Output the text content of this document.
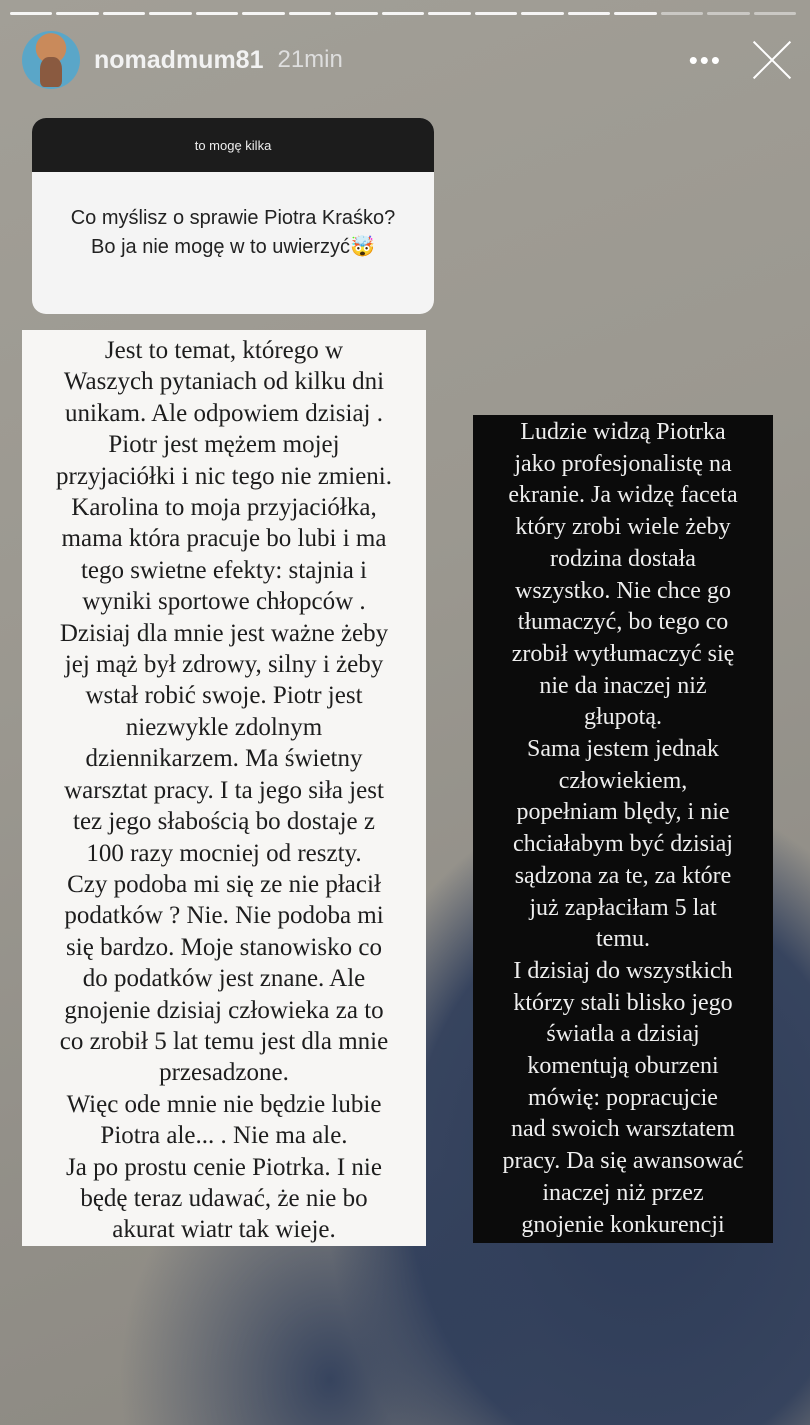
nomadmum81 21min	•••
to mogę kilka
Co myślisz o sprawie Piotra Kraśko? Bo ja nie mogę w to uwierzyć🤯
Jest to temat, którego w
Waszych pytaniach od kilku dni
unikam. Ale odpowiem dzisiaj .
Piotr jest mężem mojej
przyjaciółki i nic tego nie zmieni.
Karolina to moja przyjaciółka,
mama która pracuje bo lubi i ma
tego swietne efekty: stajnia i
wyniki sportowe chłopców .
Dzisiaj dla mnie jest ważne żeby
jej mąż był zdrowy, silny i żeby
wstał robić swoje. Piotr jest
niezwykle zdolnym
dziennikarzem. Ma świetny
warsztat pracy. I ta jego siła jest
tez jego słabością bo dostaje z
100 razy mocniej od reszty.
Czy podoba mi się ze nie płacił
podatków ? Nie. Nie podoba mi
się bardzo. Moje stanowisko co
do podatków jest znane. Ale
gnojenie dzisiaj człowieka za to
co zrobił 5 lat temu jest dla mnie
przesadzone.
Więc ode mnie nie będzie lubie
Piotra ale... . Nie ma ale.
Ja po prostu cenie Piotrka. I nie
będę teraz udawać, że nie bo
akurat wiatr tak wieje.
Ludzie widzą Piotrka
jako profesjonalistę na
ekranie. Ja widzę faceta
który zrobi wiele żeby
rodzina dostała
wszystko. Nie chce go
tłumaczyć, bo tego co
zrobił wytłumaczyć się
nie da inaczej niż
głupotą.
Sama jestem jednak
człowiekiem,
popełniam blędy, i nie
chciałabym być dzisiaj
sądzona za te, za które
już zapłaciłam 5 lat
temu.
I dzisiaj do wszystkich
którzy stali blisko jego
światla a dzisiaj
komentują oburzeni
mówię: popracujcie
nad swoich warsztatem
pracy. Da się awansować
inaczej niż przez
gnojenie konkurencji
